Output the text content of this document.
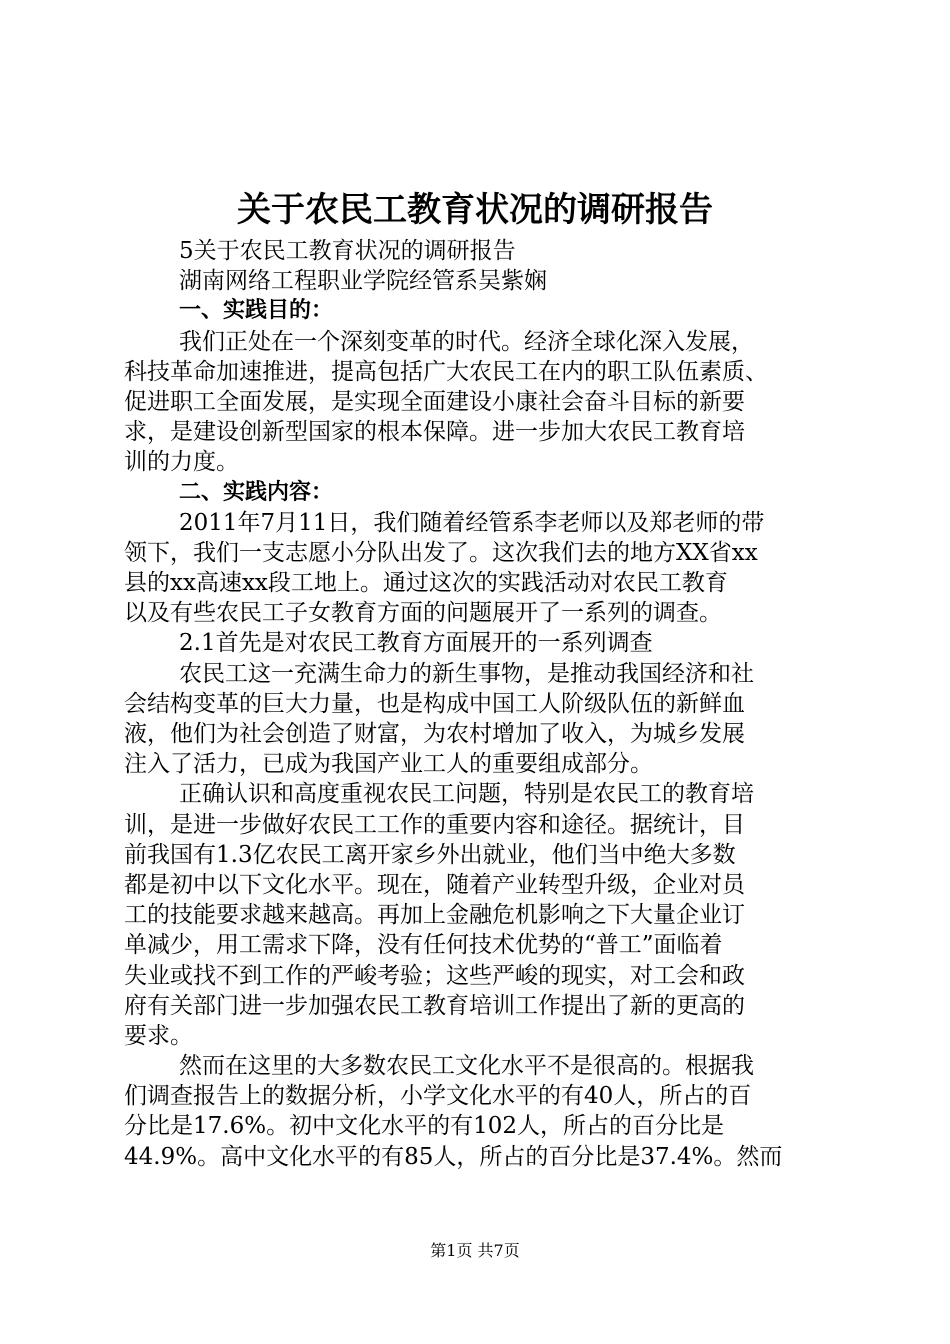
关于农民工教育状况的调研报告
5关于农民工教育状况的调研报告
湖南网络工程职业学院经管系吴紫娴
一、实践目的：
我们正处在一个深刻变革的时代。经济全球化深入发展，
科技革命加速推进，提高包括广大农民工在内的职工队伍素质、
促进职工全面发展，是实现全面建设小康社会奋斗目标的新要
求，是建设创新型国家的根本保障。进一步加大农民工教育培
训的力度。
二、实践内容：
2011年7月11日，我们随着经管系李老师以及郑老师的带
领下，我们一支志愿小分队出发了。这次我们去的地方XX省xx
县的xx高速xx段工地上。通过这次的实践活动对农民工教育
以及有些农民工子女教育方面的问题展开了一系列的调查。
2.1首先是对农民工教育方面展开的一系列调查
农民工这一充满生命力的新生事物，是推动我国经济和社
会结构变革的巨大力量，也是构成中国工人阶级队伍的新鲜血
液，他们为社会创造了财富，为农村增加了收入，为城乡发展
注入了活力，已成为我国产业工人的重要组成部分。
正确认识和高度重视农民工问题，特别是农民工的教育培
训，是进一步做好农民工工作的重要内容和途径。据统计，目
前我国有1.3亿农民工离开家乡外出就业，他们当中绝大多数
都是初中以下文化水平。现在，随着产业转型升级，企业对员
工的技能要求越来越高。再加上金融危机影响之下大量企业订
单减少，用工需求下降，没有任何技术优势的“普工”面临着
失业或找不到工作的严峻考验；这些严峻的现实，对工会和政
府有关部门进一步加强农民工教育培训工作提出了新的更高的
要求。
然而在这里的大多数农民工文化水平不是很高的。根据我
们调查报告上的数据分析，小学文化水平的有40人，所占的百
分比是17.6%。初中文化水平的有102人，所占的百分比是
44.9%。高中文化水平的有85人，所占的百分比是37.4%。然而
第1页 共7页
